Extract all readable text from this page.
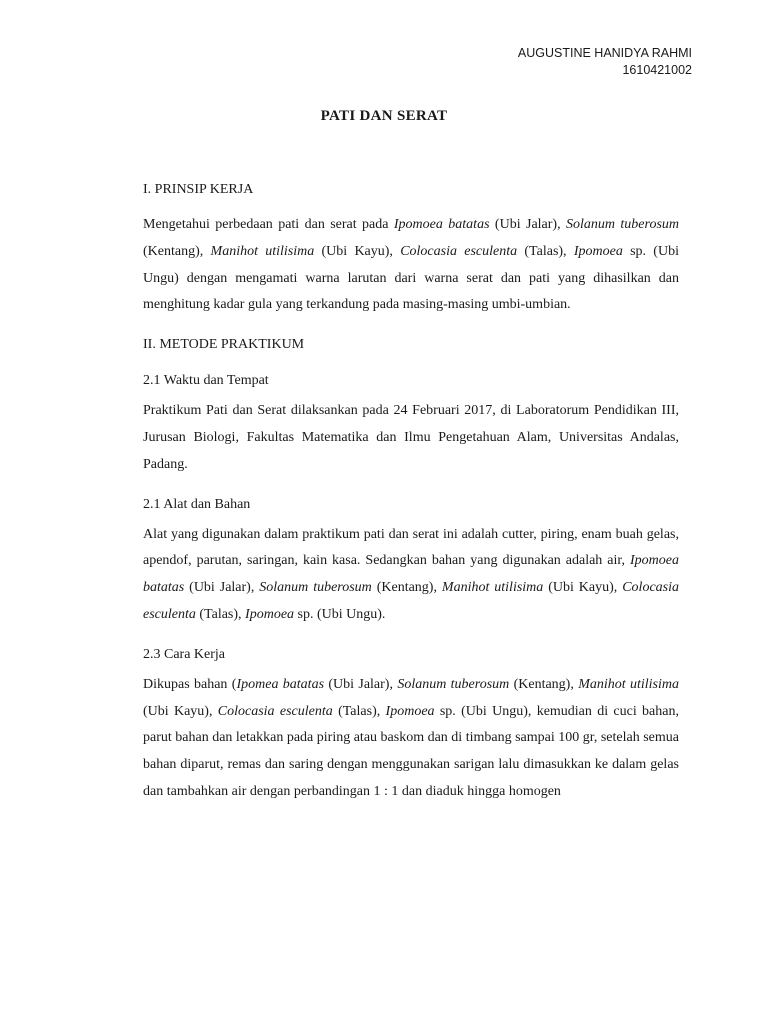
AUGUSTINE HANIDYA RAHMI
1610421002
PATI DAN SERAT
I. PRINSIP KERJA

Mengetahui perbedaan pati dan serat pada Ipomoea batatas (Ubi Jalar), Solanum tuberosum (Kentang), Manihot utilisima (Ubi Kayu), Colocasia esculenta (Talas), Ipomoea sp. (Ubi Ungu) dengan mengamati warna larutan dari warna serat dan pati yang dihasilkan dan menghitung kadar gula yang terkandung pada masing-masing umbi-umbian.

II. METODE PRAKTIKUM
2.1 Waktu dan Tempat

Praktikum Pati dan Serat dilaksankan pada 24 Februari 2017, di Laboratorum Pendidikan III, Jurusan Biologi, Fakultas Matematika dan Ilmu Pengetahuan Alam, Universitas Andalas, Padang.

2.1 Alat dan Bahan

Alat yang digunakan dalam praktikum pati dan serat ini adalah cutter, piring, enam buah gelas, apendof, parutan, saringan, kain kasa. Sedangkan bahan yang digunakan adalah air, Ipomoea batatas (Ubi Jalar), Solanum tuberosum (Kentang), Manihot utilisima (Ubi Kayu), Colocasia esculenta (Talas), Ipomoea sp. (Ubi Ungu).

2.3 Cara Kerja

Dikupas bahan (Ipomea batatas (Ubi Jalar), Solanum tuberosum (Kentang), Manihot utilisima (Ubi Kayu), Colocasia esculenta (Talas), Ipomoea sp. (Ubi Ungu), kemudian di cuci bahan, parut bahan dan letakkan pada piring atau baskom dan di timbang sampai 100 gr, setelah semua bahan diparut, remas dan saring dengan menggunakan sarigan lalu dimasukkan ke dalam gelas dan tambahkan air dengan perbandingan 1 : 1 dan diaduk hingga homogen
